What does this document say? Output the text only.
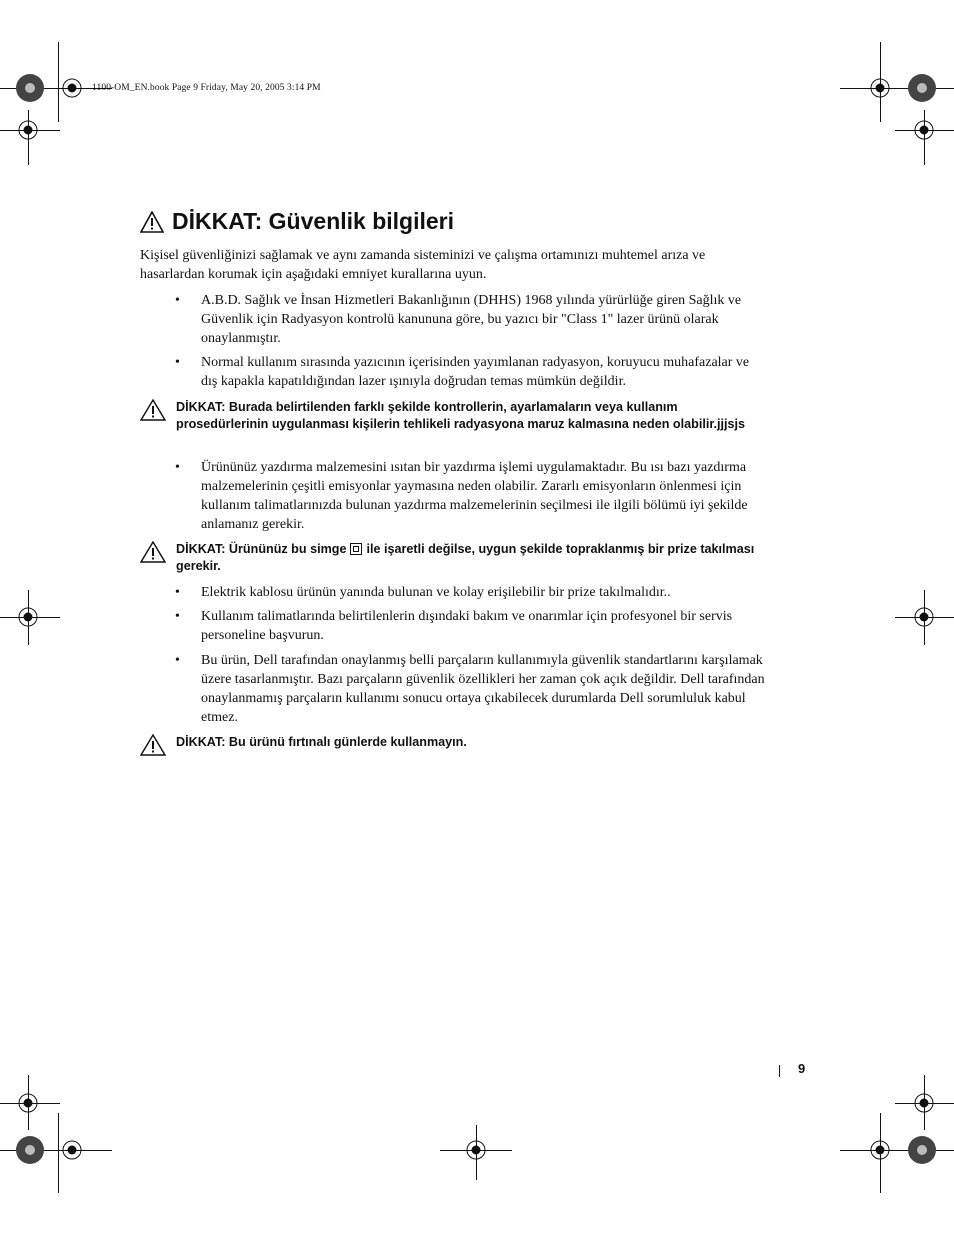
1100-OM_EN.book Page 9 Friday, May 20, 2005 3:14 PM
DİKKAT: Güvenlik bilgileri
Kişisel güvenliğinizi sağlamak ve aynı zamanda sisteminizi ve çalışma ortamınızı muhtemel arıza ve hasarlardan korumak için aşağıdaki emniyet kurallarına uyun.
•	A.B.D. Sağlık ve İnsan Hizmetleri Bakanlığının (DHHS) 1968 yılında yürürlüğe giren Sağlık ve Güvenlik için Radyasyon kontrolü kanununa göre, bu yazıcı bir "Class 1" lazer ürünü olarak onaylanmıştır.
•	Normal kullanım sırasında yazıcının içerisinden yayımlanan radyasyon, koruyucu muhafazalar ve dış kapakla kapatıldığından lazer ışınıyla doğrudan temas mümkün değildir.
DİKKAT: Burada belirtilenden farklı şekilde kontrollerin, ayarlamaların veya kullanım prosedürlerinin uygulanması kişilerin tehlikeli radyasyona maruz kalmasına neden olabilir.jjjsjs
•	Ürününüz yazdırma malzemesini ısıtan bir yazdırma işlemi uygulamaktadır. Bu ısı bazı yazdırma malzemelerinin çeşitli emisyonlar yaymasına neden olabilir. Zararlı emisyonların önlenmesi için kullanım talimatlarınızda bulunan yazdırma malzemelerinin seçilmesi ile ilgili bölümü iyi şekilde anlamanız gerekir.
DİKKAT: Ürününüz bu simge ile işaretli değilse, uygun şekilde topraklanmış bir prize takılması gerekir.
•	Elektrik kablosu ürünün yanında bulunan ve kolay erişilebilir bir prize takılmalıdır..
•	Kullanım talimatlarında belirtilenlerin dışındaki bakım ve onarımlar için profesyonel bir servis personeline başvurun.
•	Bu ürün, Dell tarafından onaylanmış belli parçaların kullanımıyla güvenlik standartlarını karşılamak üzere tasarlanmıştır. Bazı parçaların güvenlik özellikleri her zaman çok açık değildir. Dell tarafından onaylanmamış parçaların kullanımı sonucu ortaya çıkabilecek durumlarda Dell sorumluluk kabul etmez.
DİKKAT: Bu ürünü fırtınalı günlerde kullanmayın.
9
